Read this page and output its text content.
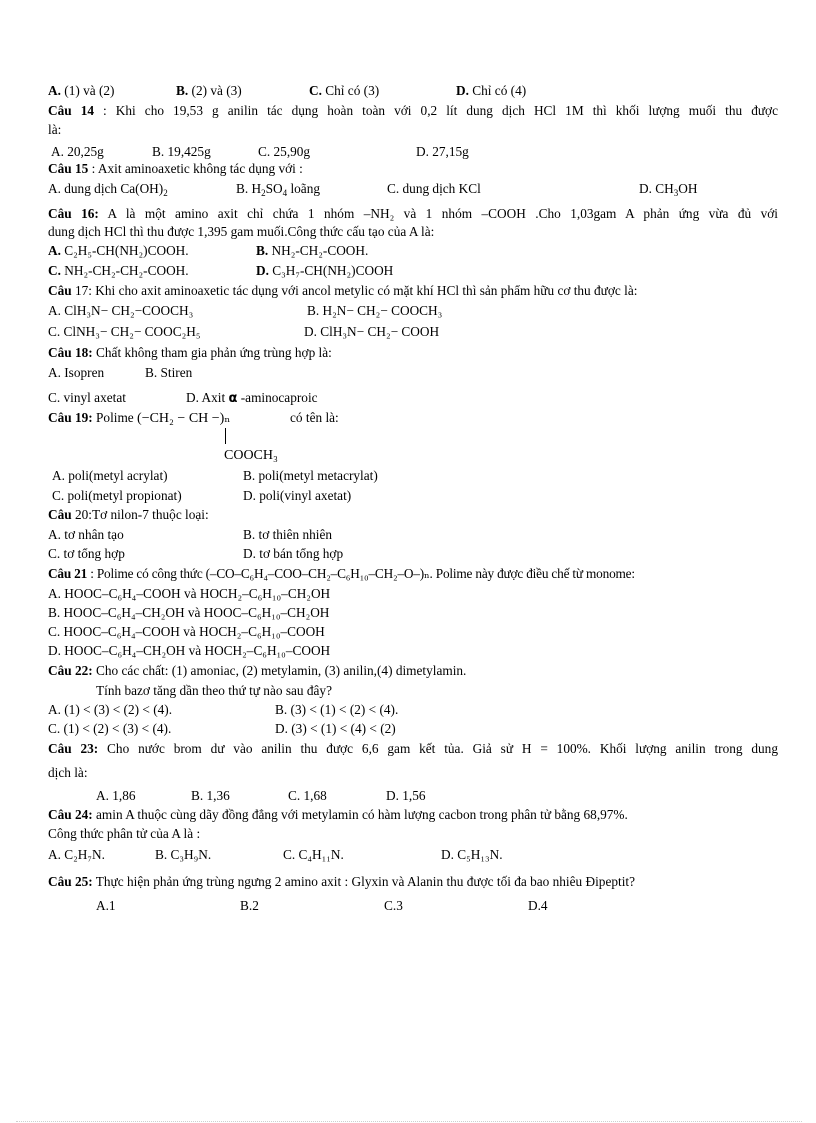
A. (1) và (2)	B. (2) và (3)	C. Chỉ có (3)	D. Chỉ có (4)
Câu 14 : Khi cho 19,53 g anilin tác dụng hoàn toàn với 0,2 lít dung dịch HCl 1M thì khối lượng muối thu được
là:
A. 20,25g	B. 19,425g	C. 25,90g	D. 27,15g
Câu 15 : Axit aminoaxetic không tác dụng với :
A. dung dịch $Ca(OH)_2$	B. $H_2SO_4$ loãng	C. dung dịch KCl	D. $CH_3OH$
Câu 16: A là một amino axit chỉ chứa 1 nhóm –NH₂ và 1 nhóm –COOH .Cho 1,03gam A phản ứng vừa đủ với
dung dịch HCl thì thu được 1,395 gam muối.Công thức cấu tạo của A là:
A. C₂H₅-CH(NH₂)COOH.	B. NH₂-CH₂-COOH.
C. NH₂-CH₂-CH₂-COOH.	D. C₃H₇-CH(NH₂)COOH
Câu 17: Khi cho axit aminoaxetic tác dụng với ancol metylic có mặt khí HCl thì sản phẩm hữu cơ thu được là:
A. ClH₃N− CH₂−COOCH₃	B. H₂N− CH₂− COOCH₃
C. ClNH₃− CH₂− COOC₂H₅	D. ClH₃N− CH₂− COOH
Câu 18: Chất không tham gia phản ứng trùng hợp là:
A. Isopren	B. Stiren
C. vinyl axetat	D. Axit α -aminocaproic
Câu 19: Polime (−CH₂ − CH −)ₙ	có tên là:
COOCH₃
A. poli(metyl acrylat)	B. poli(metyl metacrylat)
C. poli(metyl propionat)	D. poli(vinyl axetat)
Câu 20:Tơ nilon-7 thuộc loại:
A. tơ nhân tạo	B. tơ thiên nhiên
C. tơ tổng hợp	D. tơ bán tổng hợp
Câu 21 : Polime có công thức (–CO–C₆H₄–COO–CH₂–C₆H₁₀–CH₂–O–)ₙ. Polime này được điều chế từ monome:
A. HOOC–C₆H₄–COOH và HOCH₂–C₆H₁₀–CH₂OH
B. HOOC–C₆H₄–CH₂OH và HOOC–C₆H₁₀–CH₂OH
C. HOOC–C₆H₄–COOH và HOCH₂–C₆H₁₀–COOH
D. HOOC–C₆H₄–CH₂OH và HOCH₂–C₆H₁₀–COOH
Câu 22: Cho các chất: (1) amoniac, (2) metylamin, (3) anilin,(4) dimetylamin.
Tính bazơ tăng dần theo thứ tự nào sau đây?
A. (1) < (3) < (2) < (4).	B. (3) < (1) < (2) < (4).
C. (1) < (2) < (3) < (4).	D. (3) < (1) < (4) < (2)
Câu 23: Cho nước brom dư vào anilin thu được 6,6 gam kết tủa. Giả sử H = 100%. Khối lượng anilin trong dung
dịch là:
A. 1,86	B. 1,36	C. 1,68	D. 1,56
Câu 24: amin A thuộc cùng dãy đồng đẳng với metylamin có hàm lượng cacbon trong phân tử bằng 68,97%.
Công thức phân tử của A là :
A. C₂H₇N.	B. C₃H₉N.	C. C₄H₁₁N.	D. C₅H₁₃N.
Câu 25: Thực hiện phản ứng trùng ngưng 2 amino axit : Glyxin và Alanin thu được tối đa bao nhiêu Đipeptit?
A.1	B.2	C.3	D.4
